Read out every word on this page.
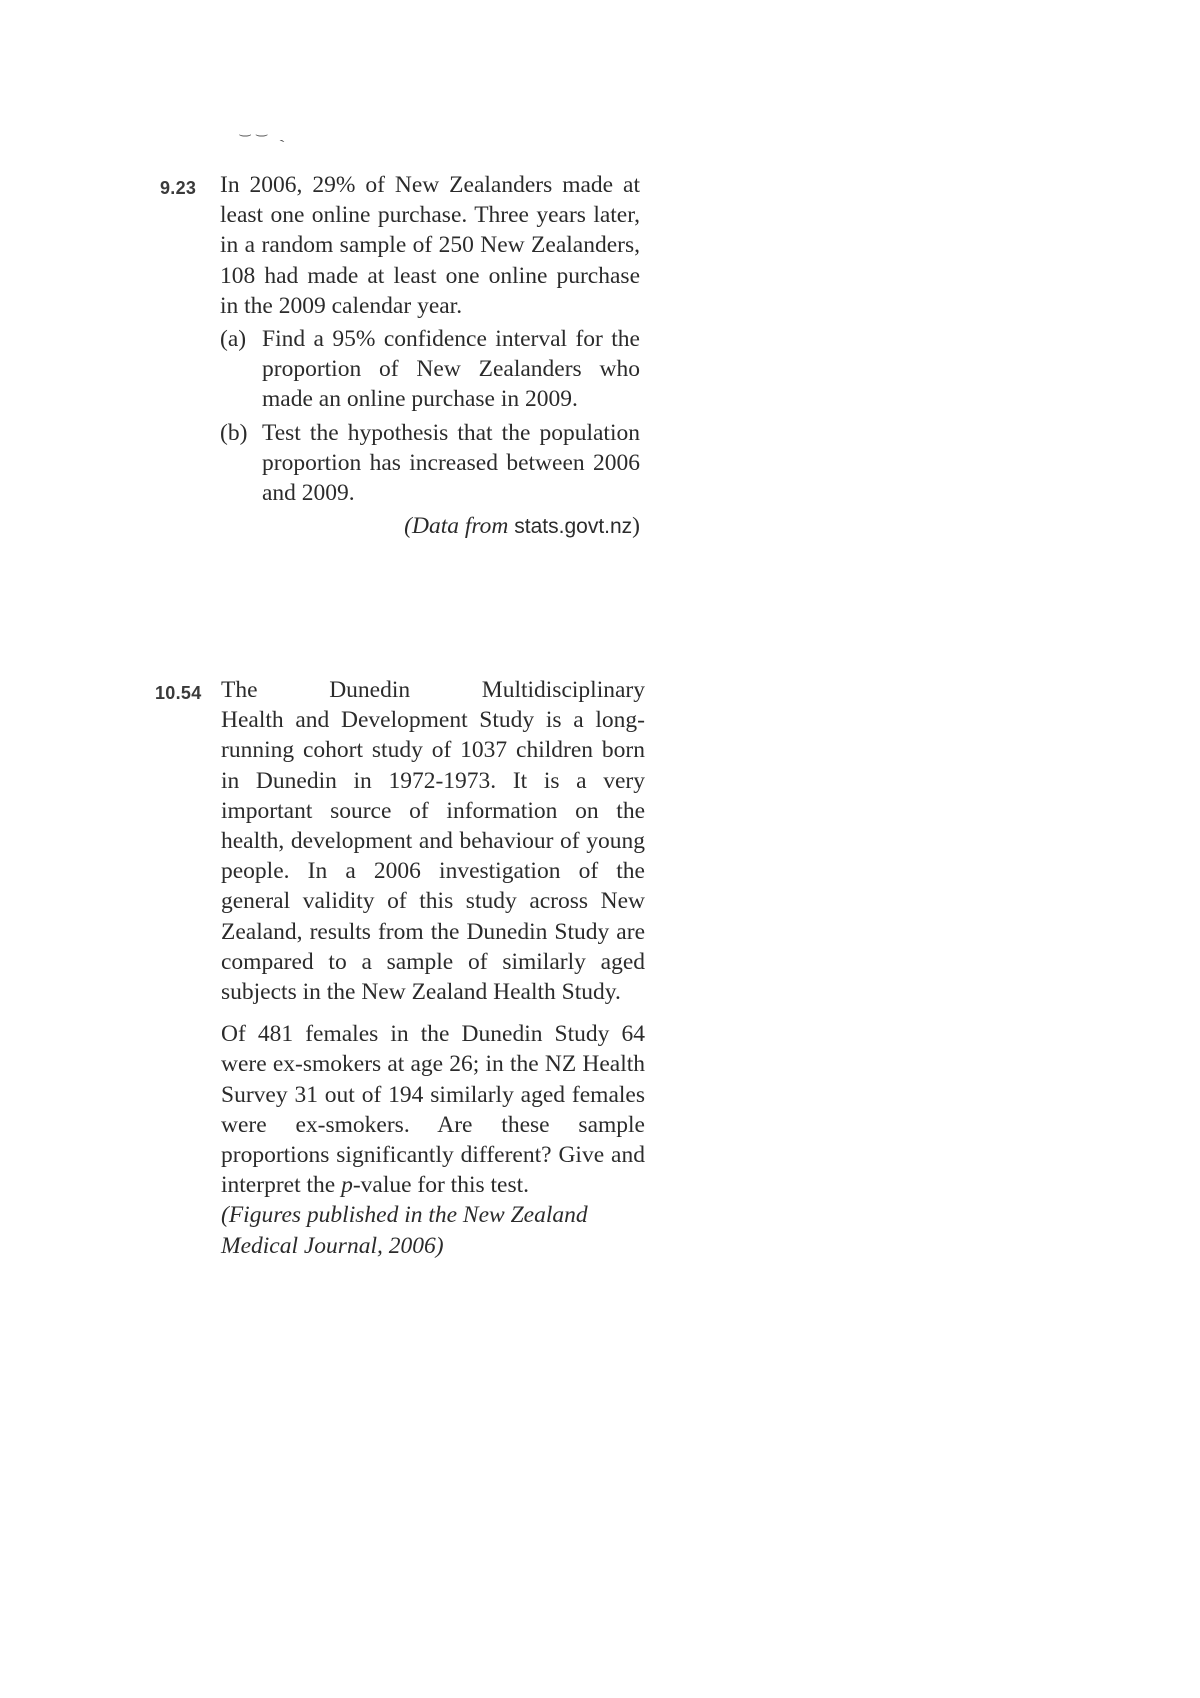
⌣⌣ ˏ
9.23 In 2006, 29% of New Zealanders made at least one online purchase. Three years later, in a random sample of 250 New Zealanders, 108 had made at least one online purchase in the 2009 calendar year.

(a) Find a 95% confidence interval for the proportion of New Zealanders who made an online purchase in 2009.
(b) Test the hypothesis that the population proportion has increased between 2006 and 2009.
(Data from stats.govt.nz)
10.54 The	Dunedin	Multidisciplinary

Health and Development Study is a long-running cohort study of 1037 children born in Dunedin in 1972-1973. It is a very important source of information on the health, development and behaviour of young people. In a 2006 investigation of the general validity of this study across New Zealand, results from the Dunedin Study are compared to a sample of similarly aged subjects in the New Zealand Health Study.

Of 481 females in the Dunedin Study 64 were ex-smokers at age 26; in the NZ Health Survey 31 out of 194 similarly aged females were ex-smokers. Are these sample proportions significantly different? Give and interpret the p-value for this test.

(Figures published in the New Zealand Medical Journal, 2006)
